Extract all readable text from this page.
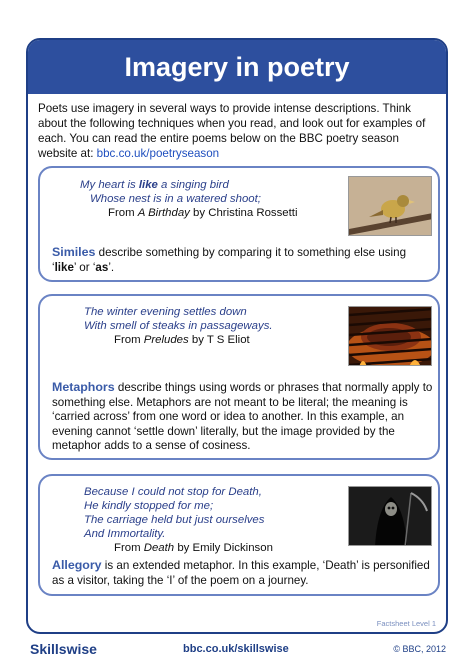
Imagery in poetry
Poets use imagery in several ways to provide intense descriptions. Think about the following techniques when you read, and look out for examples of each. You can read the entire poems below on the BBC poetry season website at: bbc.co.uk/poetryseason
My heart is like a singing bird
Whose nest is in a watered shoot;
From A Birthday by Christina Rossetti
Similes describe something by comparing it to something else using ‘like’ or ‘as’.
The winter evening settles down
With smell of steaks in passageways.
From Preludes by T S Eliot
Metaphors describe things using words or phrases that normally apply to something else. Metaphors are not meant to be literal; the meaning is ‘carried across’ from one word or idea to another. In this example, an evening cannot ‘settle down’ literally, but the image provided by the metaphor adds to a sense of cosiness.
Because I could not stop for Death,
He kindly stopped for me;
The carriage held but just ourselves
And Immortality.
From Death by Emily Dickinson
Allegory is an extended metaphor. In this example, ‘Death’ is personified as a visitor, taking the ‘I’ of the poem on a journey.
Factsheet Level 1
Skillswise	bbc.co.uk/skillswise	© BBC, 2012
